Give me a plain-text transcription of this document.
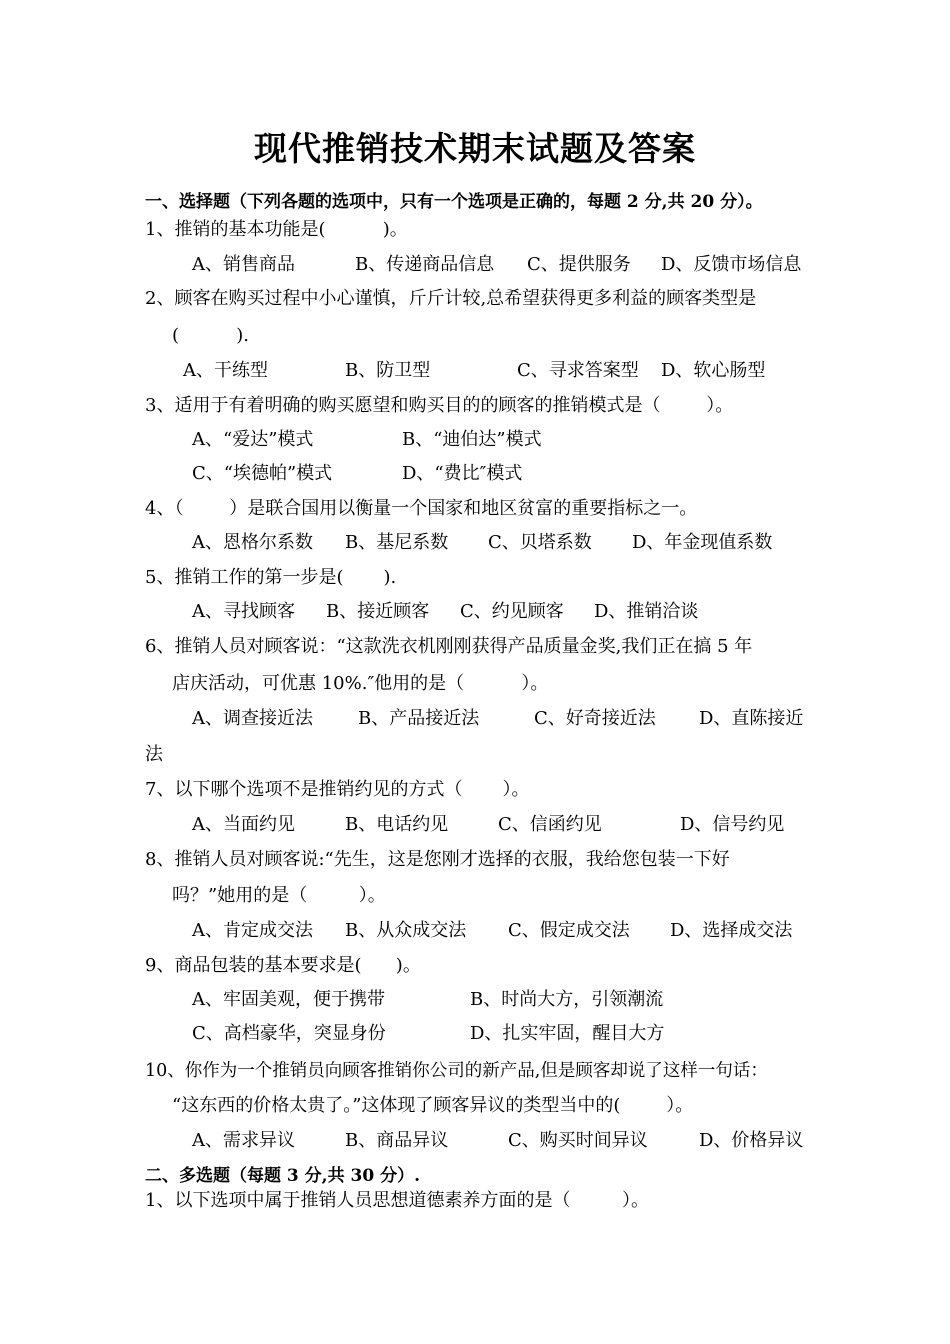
现代推销技术期末试题及答案
一、选择题（下列各题的选项中，只有一个选项是正确的，每题 2 分,共 20 分）。
1、推销的基本功能是(          )。
A、销售商品	B、传递商品信息 C、提供服务 D、反馈市场信息
2、顾客在购买过程中小心谨慎，斤斤计较,总希望获得更多利益的顾客类型是
(          ).
A、干练型	B、防卫型	C、寻求答案型 D、软心肠型
3、适用于有着明确的购买愿望和购买目的的顾客的推销模式是（        ）。
A、“爱达”模式	B、“迪伯达”模式
C、“埃德帕”模式	D、“费比″模式
4、（        ）是联合国用以衡量一个国家和地区贫富的重要指标之一。
A、恩格尔系数 B、基尼系数 C、贝塔系数 D、年金现值系数
5、推销工作的第一步是(       ).
A、寻找顾客 B、接近顾客 C、约见顾客 D、推销洽谈
6、推销人员对顾客说：“这款洗衣机刚刚获得产品质量金奖,我们正在搞 5 年
店庆活动，可优惠 10%.″他用的是（          ）。
A、调查接近法	B、产品接近法	C、好奇接近法 D、直陈接近
法
7、以下哪个选项不是推销约见的方式（       ）。
A、当面约见	B、电话约见	C、信函约见	D、信号约见
8、推销人员对顾客说:“先生，这是您刚才选择的衣服，我给您包装一下好
吗？”她用的是（         ）。
A、肯定成交法 B、从众成交法 C、假定成交法 D、选择成交法
9、商品包装的基本要求是(      )。
A、牢固美观，便于携带	B、时尚大方，引领潮流
C、高档豪华，突显身份	D、扎实牢固，醒目大方
10、你作为一个推销员向顾客推销你公司的新产品,但是顾客却说了这样一句话：
“这东西的价格太贵了。”这体现了顾客异议的类型当中的(        ）。
A、需求异议	B、商品异议	C、购买时间异议	D、价格异议
二、多选题（每题 3 分,共 30 分）.
1、以下选项中属于推销人员思想道德素养方面的是（         ）。
